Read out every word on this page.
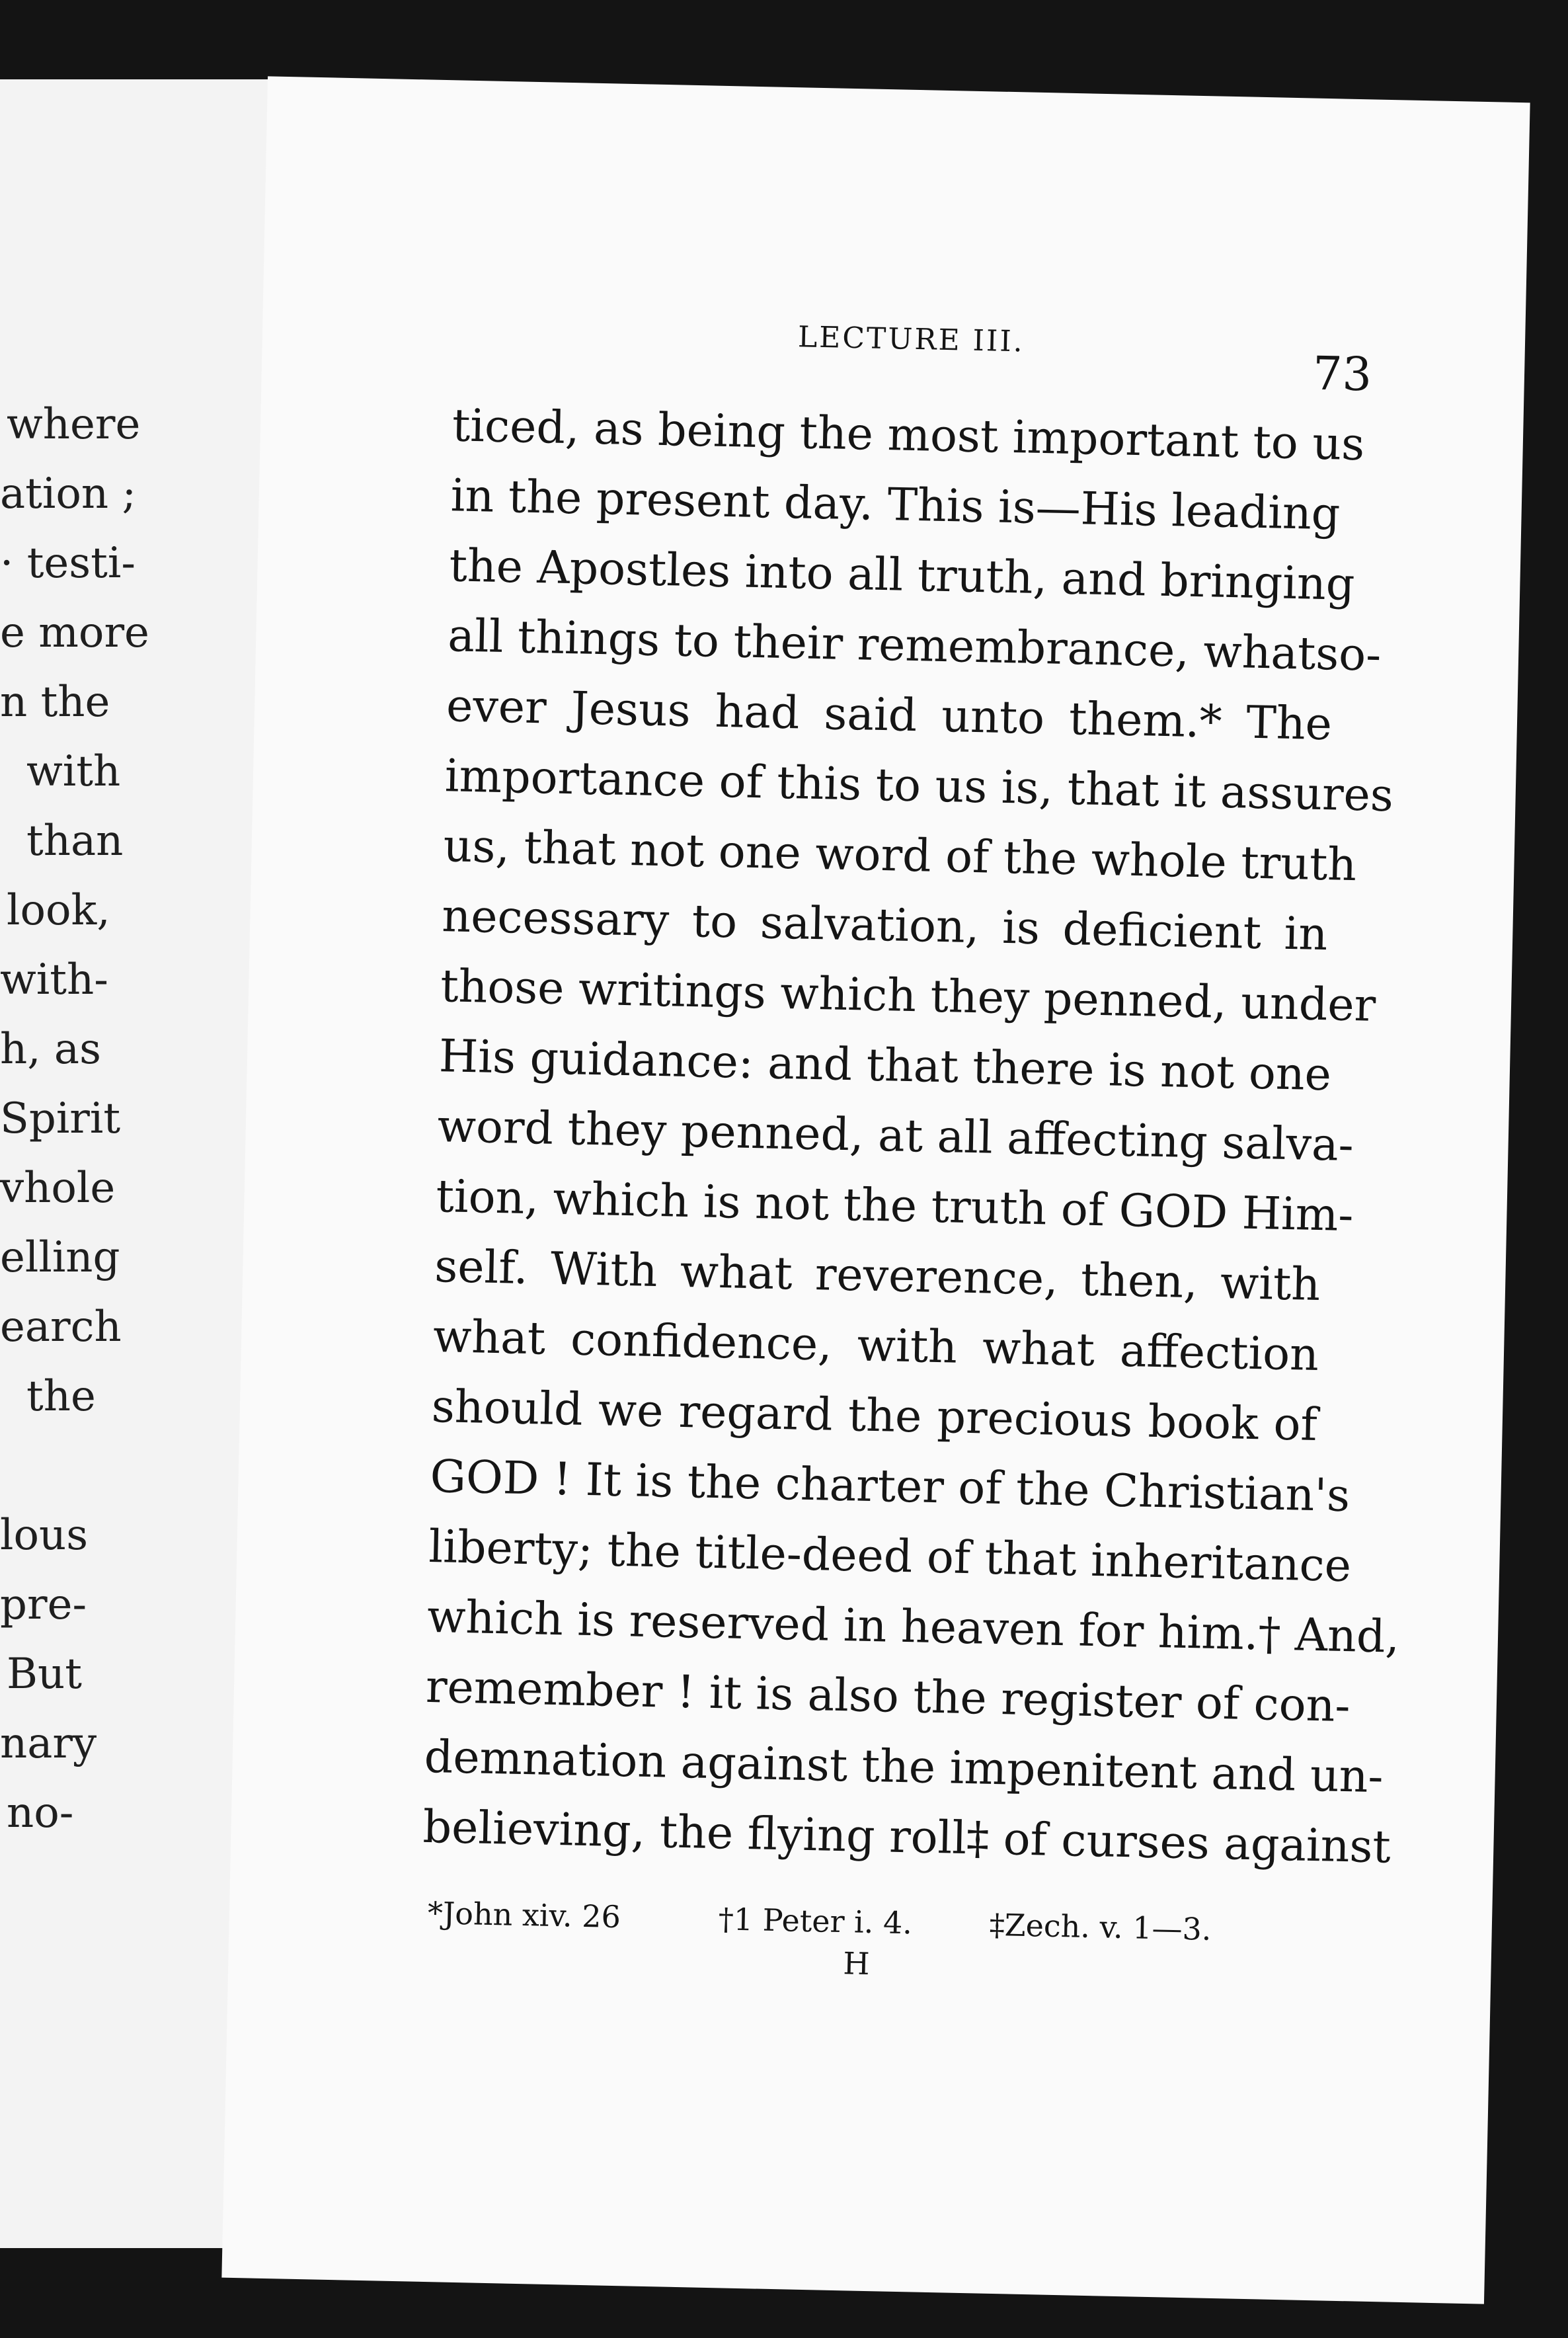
where
ation ;
· testi-
e more
n the
with
than
look,
with-
h, as
Spirit
vhole
elling
earch
the
lous
pre-
But
nary
no-
LECTURE III.
73
ticed, as being the most important to us
in the present day. This is—His leading
the Apostles into all truth, and bringing
all things to their remembrance, whatso-
ever Jesus had said unto them.* The
importance of this to us is, that it assures
us, that not one word of the whole truth
necessary to salvation, is deficient in
those writings which they penned, under
His guidance: and that there is not one
word they penned, at all affecting salva-
tion, which is not the truth of GOD Him-
self. With what reverence, then, with
what confidence, with what affection
should we regard the precious book of
GOD ! It is the charter of the Christian's
liberty; the title-deed of that inheritance
which is reserved in heaven for him.† And,
remember ! it is also the register of con-
demnation against the impenitent and un-
believing, the flying roll‡ of curses against
*John xiv. 26	†1 Peter i. 4.	‡Zech. v. 1—3.
H
